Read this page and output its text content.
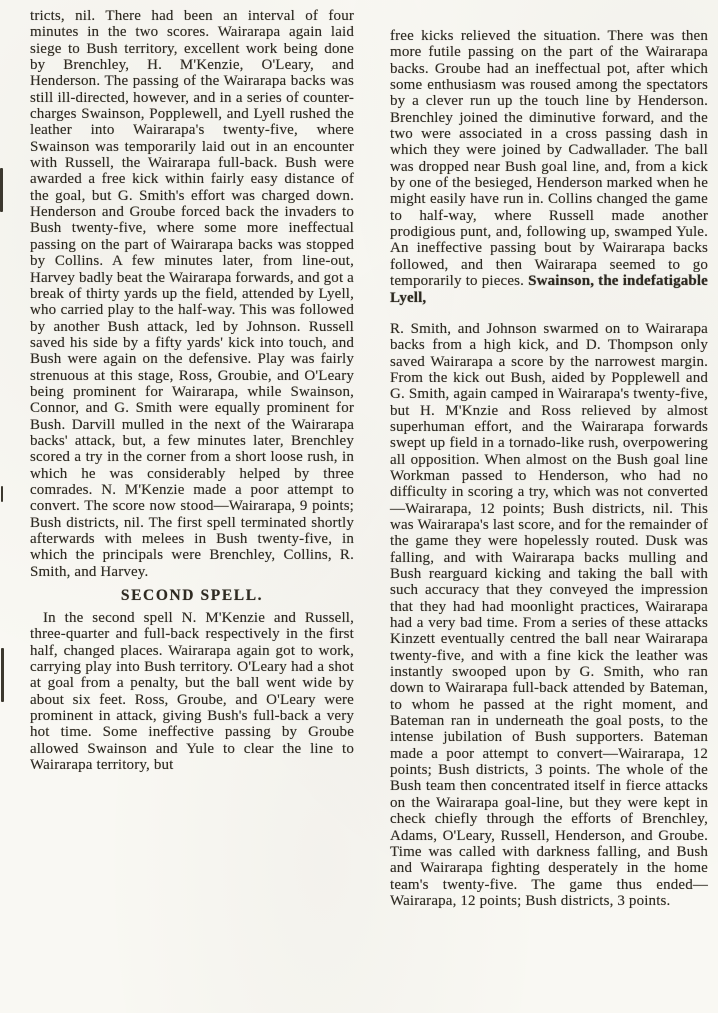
tricts, nil. There had been an interval of four minutes in the two scores. Wairarapa again laid siege to Bush territory, excellent work being done by Brenchley, H. M'Kenzie, O'Leary, and Henderson. The passing of the Wairarapa backs was still ill-directed, however, and in a series of counter-charges Swainson, Popplewell, and Lyell rushed the leather into Wairarapa's twenty-five, where Swainson was temporarily laid out in an encounter with Russell, the Wairarapa full-back. Bush were awarded a free kick within fairly easy distance of the goal, but G. Smith's effort was charged down. Henderson and Groube forced back the invaders to Bush twenty-five, where some more ineffectual passing on the part of Wairarapa backs was stopped by Collins. A few minutes later, from line-out, Harvey badly beat the Wairarapa forwards, and got a break of thirty yards up the field, attended by Lyell, who carried play to the half-way. This was followed by another Bush attack, led by Johnson. Russell saved his side by a fifty yards' kick into touch, and Bush were again on the defensive. Play was fairly strenuous at this stage, Ross, Groubie, and O'Leary being prominent for Wairarapa, while Swainson, Connor, and G. Smith were equally prominent for Bush. Darvill mulled in the next of the Wairarapa backs' attack, but, a few minutes later, Brenchley scored a try in the corner from a short loose rush, in which he was considerably helped by three comrades. N. M'Kenzie made a poor attempt to convert. The score now stood—Wairarapa, 9 points; Bush districts, nil. The first spell terminated shortly afterwards with melees in Bush twenty-five, in which the principals were Brenchley, Collins, R. Smith, and Harvey.

SECOND SPELL.

In the second spell N. M'Kenzie and Russell, three-quarter and full-back respectively in the first half, changed places. Wairarapa again got to work, carrying play into Bush territory. O'Leary had a shot at goal from a penalty, but the ball went wide by about six feet. Ross, Groube, and O'Leary were prominent in attack, giving Bush's full-back a very hot time. Some ineffective passing by Groube allowed Swainson and Yule to clear the line to Wairarapa territory, but

free kicks relieved the situation. There was then more futile passing on the part of the Wairarapa backs. Groube had an ineffectual pot, after which some enthusiasm was roused among the spectators by a clever run up the touch line by Henderson. Brenchley joined the diminutive forward, and the two were associated in a cross passing dash in which they were joined by Cadwallader. The ball was dropped near Bush goal line, and, from a kick by one of the besieged, Henderson marked when he might easily have run in. Collins changed the game to half-way, where Russell made another prodigious punt, and, following up, swamped Yule. An ineffective passing bout by Wairarapa backs followed, and then Wairarapa seemed to go temporarily to pieces. Swainson, the indefatigable Lyell,

R. Smith, and Johnson swarmed on to Wairarapa backs from a high kick, and D. Thompson only saved Wairarapa a score by the narrowest margin. From the kick out Bush, aided by Popplewell and G. Smith, again camped in Wairarapa's twenty-five, but H. M'Knzie and Ross relieved by almost superhuman effort, and the Wairarapa forwards swept up field in a tornado-like rush, overpowering all opposition. When almost on the Bush goal line Workman passed to Henderson, who had no difficulty in scoring a try, which was not converted—Wairarapa, 12 points; Bush districts, nil. This was Wairarapa's last score, and for the remainder of the game they were hopelessly routed. Dusk was falling, and with Wairarapa backs mulling and Bush rearguard kicking and taking the ball with such accuracy that they conveyed the impression that they had had moonlight practices, Wairarapa had a very bad time. From a series of these attacks Kinzett eventually centred the ball near Wairarapa twenty-five, and with a fine kick the leather was instantly swooped upon by G. Smith, who ran down to Wairarapa full-back attended by Bateman, to whom he passed at the right moment, and Bateman ran in underneath the goal posts, to the intense jubilation of Bush supporters. Bateman made a poor attempt to convert—Wairarapa, 12 points; Bush districts, 3 points. The whole of the Bush team then concentrated itself in fierce attacks on the Wairarapa goal-line, but they were kept in check chiefly through the efforts of Brenchley, Adams, O'Leary, Russell, Henderson, and Groube. Time was called with darkness falling, and Bush and Wairarapa fighting desperately in the home team's twenty-five. The game thus ended—Wairarapa, 12 points; Bush districts, 3 points.
